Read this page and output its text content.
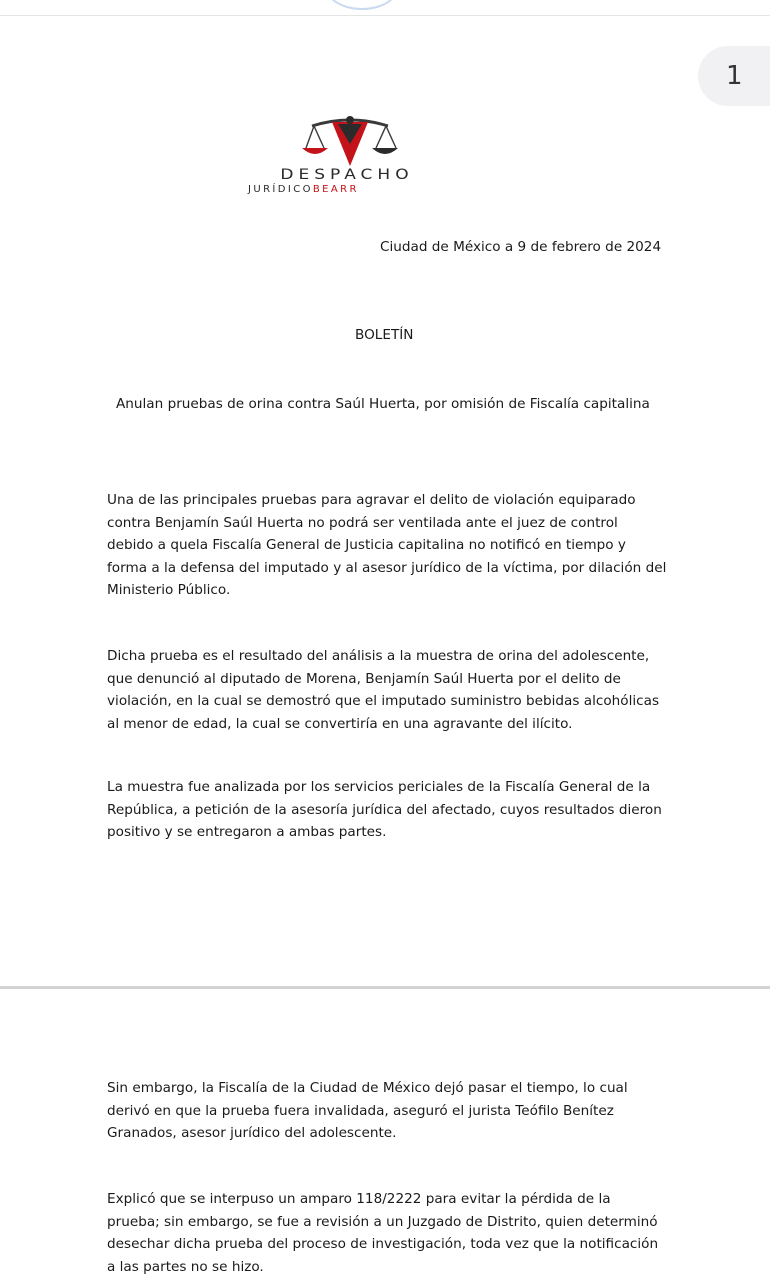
1
DESPACHO
JURÍDICOBEARR
Ciudad de México a 9 de febrero de 2024
BOLETÍN
Anulan pruebas de orina contra Saúl Huerta, por omisión de Fiscalía capitalina
Una de las principales pruebas para agravar el delito de violación equiparado contra Benjamín Saúl Huerta no podrá ser ventilada ante el juez de control debido a quela Fiscalía General de Justicia capitalina no notificó en tiempo y forma a la defensa del imputado y al asesor jurídico de la víctima, por dilación del Ministerio Público.
Dicha prueba es el resultado del análisis a la muestra de orina del adolescente, que denunció al diputado de Morena, Benjamín Saúl Huerta por el delito de violación, en la cual se demostró que el imputado suministro bebidas alcohólicas al menor de edad, la cual se convertiría en una agravante del ilícito.
La muestra fue analizada por los servicios periciales de la Fiscalía General de la República, a petición de la asesoría jurídica del afectado, cuyos resultados dieron positivo y se entregaron a ambas partes.
Sin embargo, la Fiscalía de la Ciudad de México dejó pasar el tiempo, lo cual derivó en que la prueba fuera invalidada, aseguró el jurista Teófilo Benítez Granados, asesor jurídico del adolescente.
Explicó que se interpuso un amparo 118/2222 para evitar la pérdida de la prueba; sin embargo, se fue a revisión a un Juzgado de Distrito, quien determinó desechar dicha prueba del proceso de investigación, toda vez que la notificación a las partes no se hizo.
